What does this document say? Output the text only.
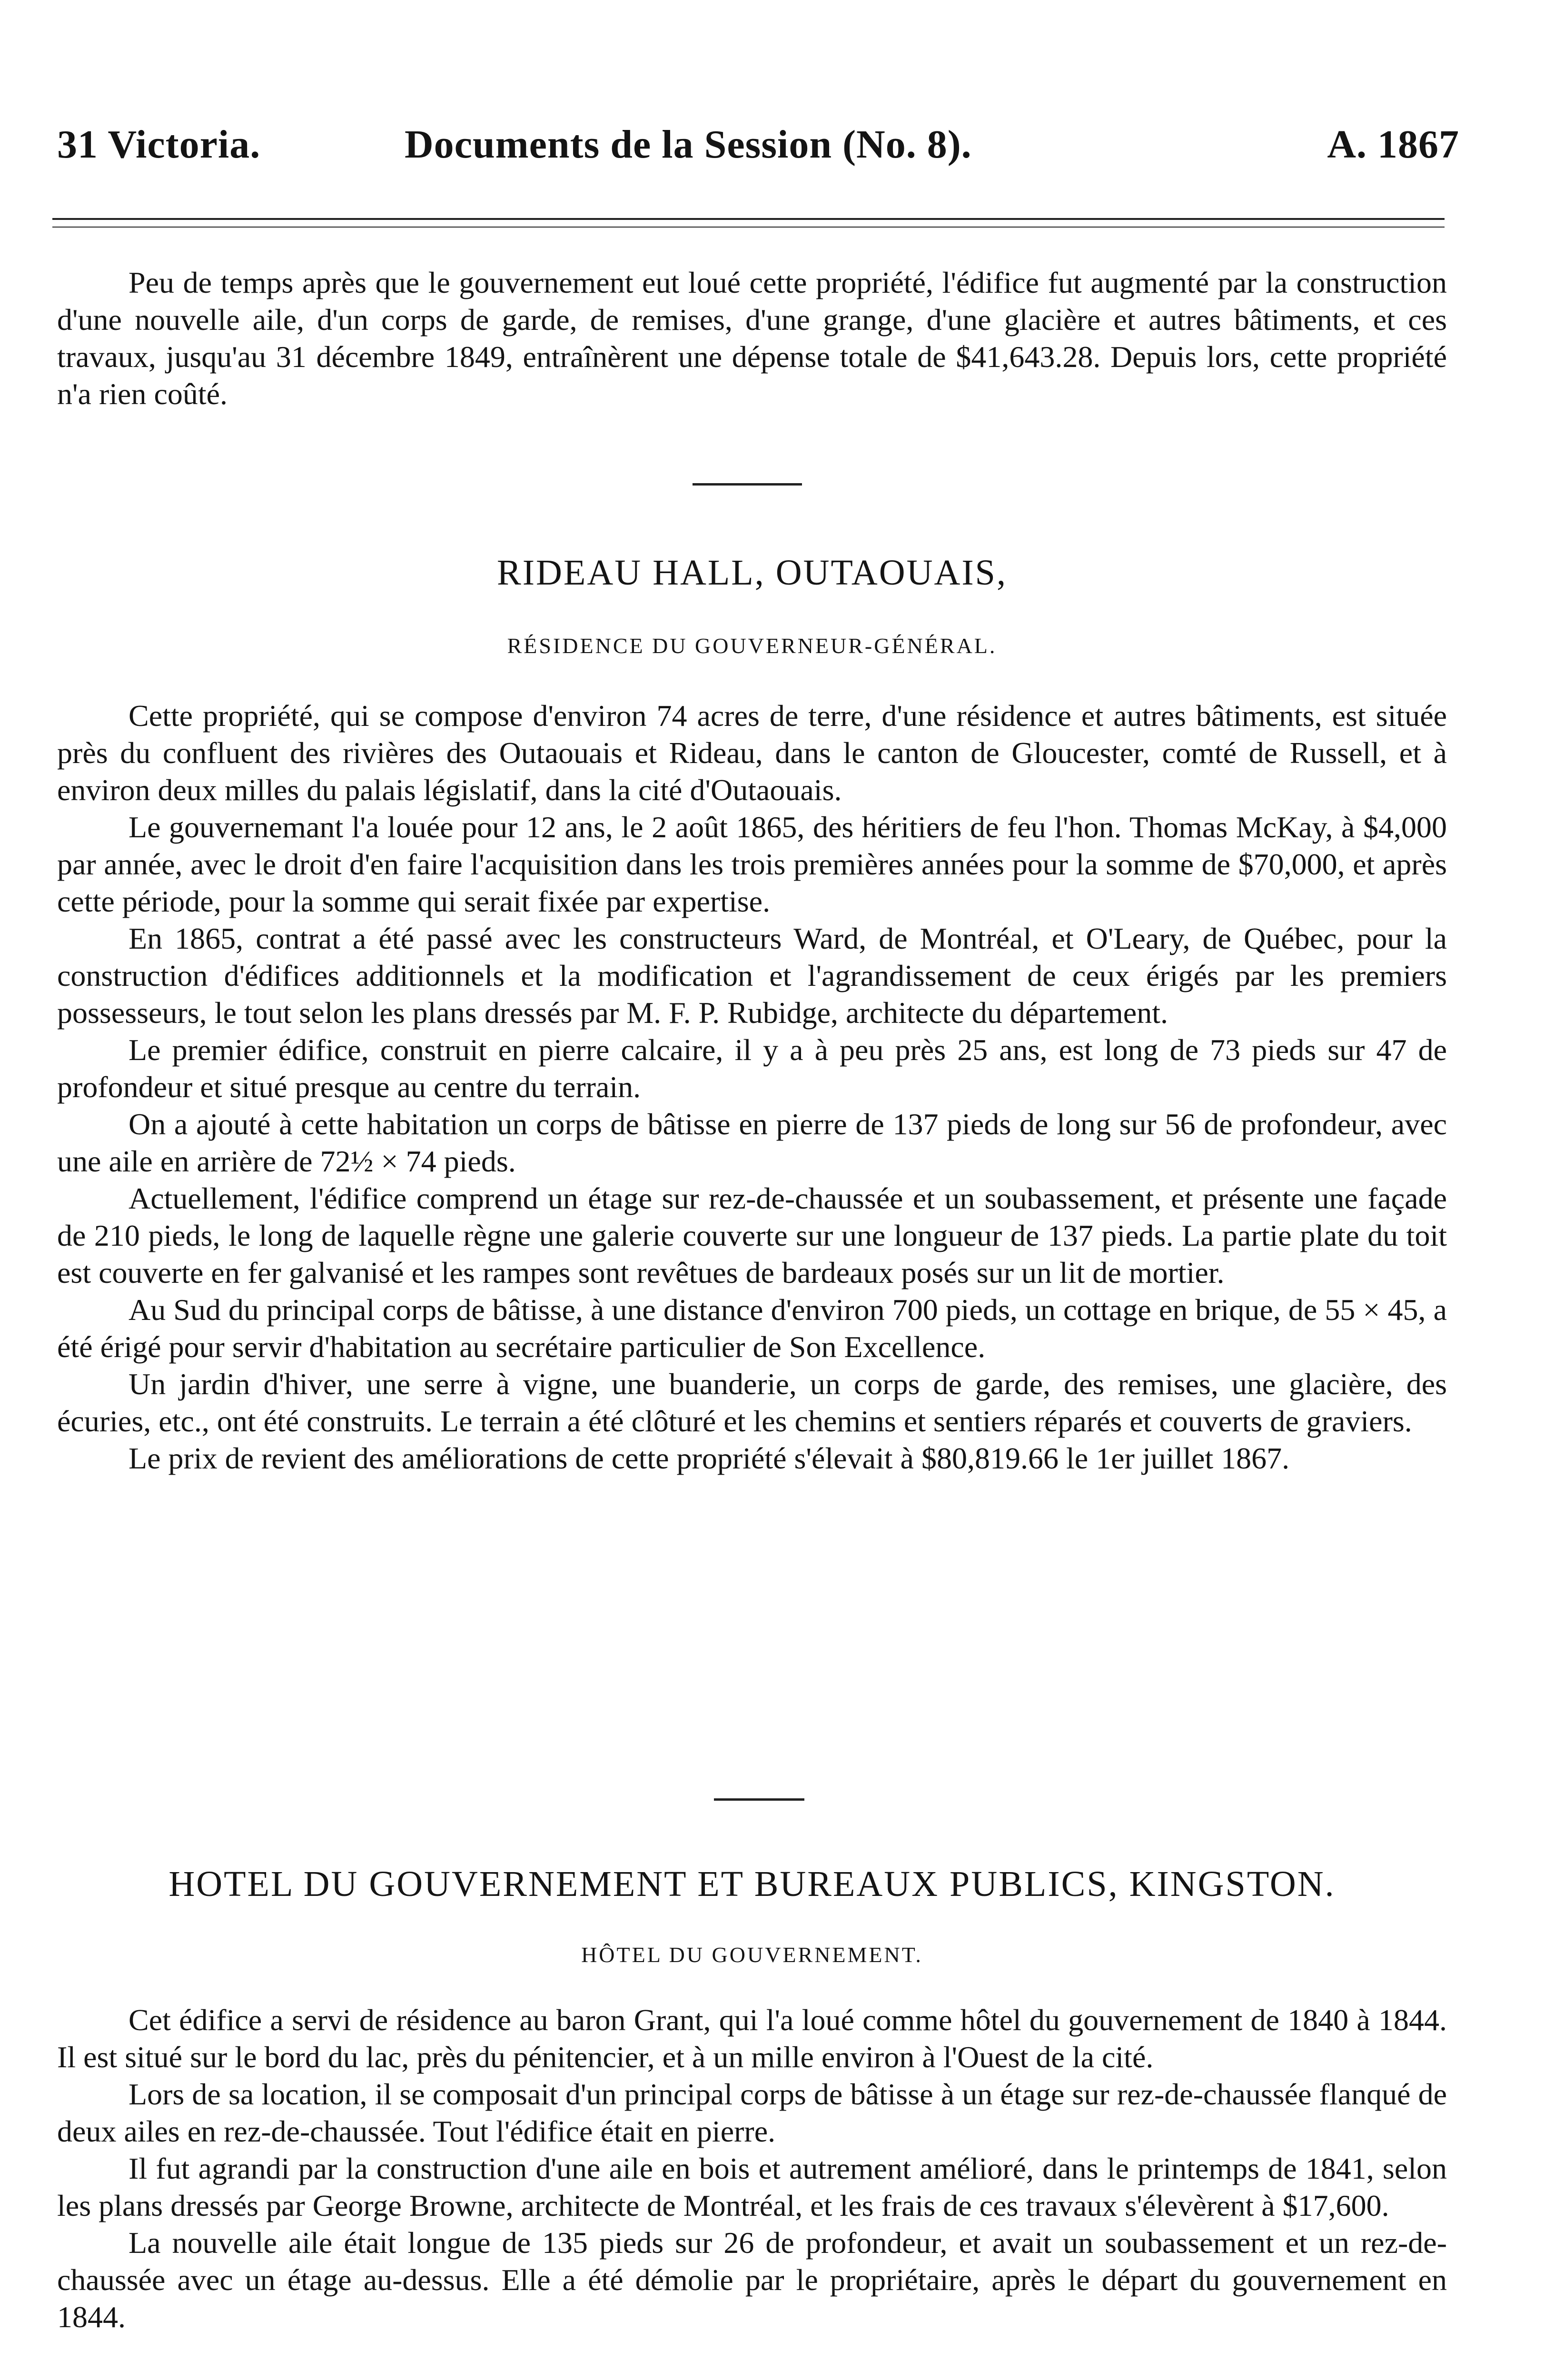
31 Victoria.	Documents de la Session (No. 8).	A. 1867

Peu de temps après que le gouvernement eut loué cette propriété, l'édifice fut augmenté par la construction d'une nouvelle aile, d'un corps de garde, de remises, d'une grange, d'une glacière et autres bâtiments, et ces travaux, jusqu'au 31 décembre 1849, entraînèrent une dépense totale de $41,643.28. Depuis lors, cette propriété n'a rien coûté.

RIDEAU HALL, OUTAOUAIS,
RÉSIDENCE DU GOUVERNEUR-GÉNÉRAL.

Cette propriété, qui se compose d'environ 74 acres de terre, d'une résidence et autres bâtiments, est située près du confluent des rivières des Outaouais et Rideau, dans le canton de Gloucester, comté de Russell, et à environ deux milles du palais législatif, dans la cité d'Outaouais.

Le gouvernemant l'a louée pour 12 ans, le 2 août 1865, des héritiers de feu l'hon. Thomas McKay, à $4,000 par année, avec le droit d'en faire l'acquisition dans les trois premières années pour la somme de $70,000, et après cette période, pour la somme qui serait fixée par expertise.

En 1865, contrat a été passé avec les constructeurs Ward, de Montréal, et O'Leary, de Québec, pour la construction d'édifices additionnels et la modification et l'agrandissement de ceux érigés par les premiers possesseurs, le tout selon les plans dressés par M. F. P. Rubidge, architecte du département.

Le premier édifice, construit en pierre calcaire, il y a à peu près 25 ans, est long de 73 pieds sur 47 de profondeur et situé presque au centre du terrain.

On a ajouté à cette habitation un corps de bâtisse en pierre de 137 pieds de long sur 56 de profondeur, avec une aile en arrière de 72½ × 74 pieds.

Actuellement, l'édifice comprend un étage sur rez-de-chaussée et un soubassement, et présente une façade de 210 pieds, le long de laquelle règne une galerie couverte sur une longueur de 137 pieds. La partie plate du toit est couverte en fer galvanisé et les rampes sont revêtues de bardeaux posés sur un lit de mortier.

Au Sud du principal corps de bâtisse, à une distance d'environ 700 pieds, un cottage en brique, de 55 × 45, a été érigé pour servir d'habitation au secrétaire particulier de Son Excellence.

Un jardin d'hiver, une serre à vigne, une buanderie, un corps de garde, des remises, une glacière, des écuries, etc., ont été construits. Le terrain a été clôturé et les chemins et sentiers réparés et couverts de graviers.

Le prix de revient des améliorations de cette propriété s'élevait à $80,819.66 le 1er juillet 1867.

HOTEL DU GOUVERNEMENT ET BUREAUX PUBLICS, KINGSTON.
HÔTEL DU GOUVERNEMENT.

Cet édifice a servi de résidence au baron Grant, qui l'a loué comme hôtel du gouvernement de 1840 à 1844. Il est situé sur le bord du lac, près du pénitencier, et à un mille environ à l'Ouest de la cité.

Lors de sa location, il se composait d'un principal corps de bâtisse à un étage sur rez-de-chaussée flanqué de deux ailes en rez-de-chaussée. Tout l'édifice était en pierre.

Il fut agrandi par la construction d'une aile en bois et autrement amélioré, dans le printemps de 1841, selon les plans dressés par George Browne, architecte de Montréal, et les frais de ces travaux s'élevèrent à $17,600.

La nouvelle aile était longue de 135 pieds sur 26 de profondeur, et avait un soubassement et un rez-de-chaussée avec un étage au-dessus. Elle a été démolie par le propriétaire, après le départ du gouvernement en 1844.
